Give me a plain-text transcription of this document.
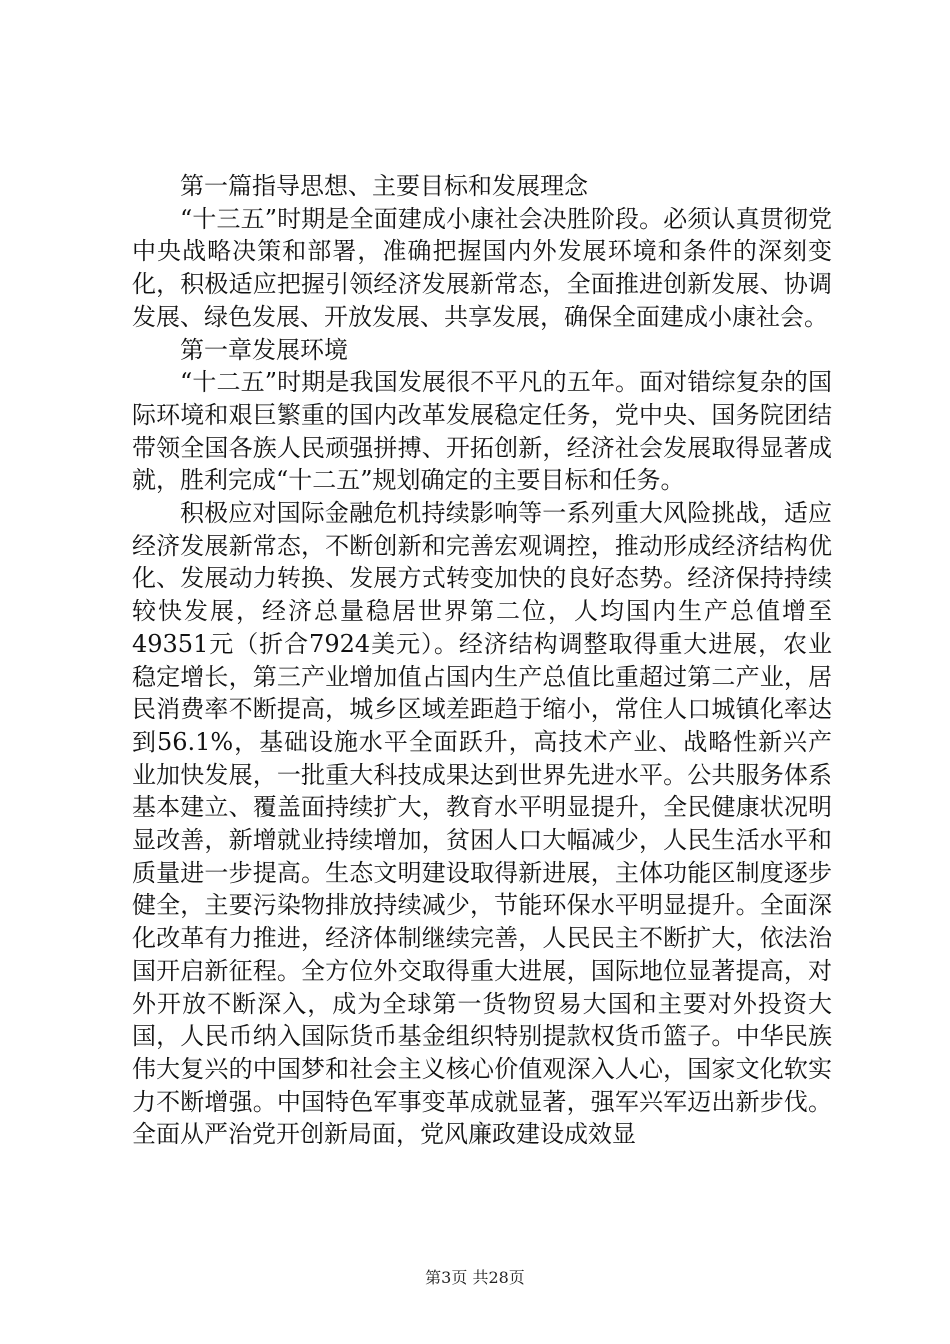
第一篇指导思想、主要目标和发展理念

“十三五”时期是全面建成小康社会决胜阶段。必须认真贯彻党中央战略决策和部署，准确把握国内外发展环境和条件的深刻变化，积极适应把握引领经济发展新常态，全面推进创新发展、协调发展、绿色发展、开放发展、共享发展，确保全面建成小康社会。

第一章发展环境

“十二五”时期是我国发展很不平凡的五年。面对错综复杂的国际环境和艰巨繁重的国内改革发展稳定任务，党中央、国务院团结带领全国各族人民顽强拼搏、开拓创新，经济社会发展取得显著成就，胜利完成“十二五”规划确定的主要目标和任务。

积极应对国际金融危机持续影响等一系列重大风险挑战，适应经济发展新常态，不断创新和完善宏观调控，推动形成经济结构优化、发展动力转换、发展方式转变加快的良好态势。经济保持持续较快发展，经济总量稳居世界第二位，人均国内生产总值增至49351元（折合7924美元）。经济结构调整取得重大进展，农业稳定增长，第三产业增加值占国内生产总值比重超过第二产业，居民消费率不断提高，城乡区域差距趋于缩小，常住人口城镇化率达到56.1%，基础设施水平全面跃升，高技术产业、战略性新兴产业加快发展，一批重大科技成果达到世界先进水平。公共服务体系基本建立、覆盖面持续扩大，教育水平明显提升，全民健康状况明显改善，新增就业持续增加，贫困人口大幅减少，人民生活水平和质量进一步提高。生态文明建设取得新进展，主体功能区制度逐步健全，主要污染物排放持续减少，节能环保水平明显提升。全面深化改革有力推进，经济体制继续完善，人民民主不断扩大，依法治国开启新征程。全方位外交取得重大进展，国际地位显著提高，对外开放不断深入，成为全球第一货物贸易大国和主要对外投资大国，人民币纳入国际货币基金组织特别提款权货币篮子。中华民族伟大复兴的中国梦和社会主义核心价值观深入人心，国家文化软实力不断增强。中国特色军事变革成就显著，强军兴军迈出新步伐。全面从严治党开创新局面，党风廉政建设成效显

第3页 共28页
